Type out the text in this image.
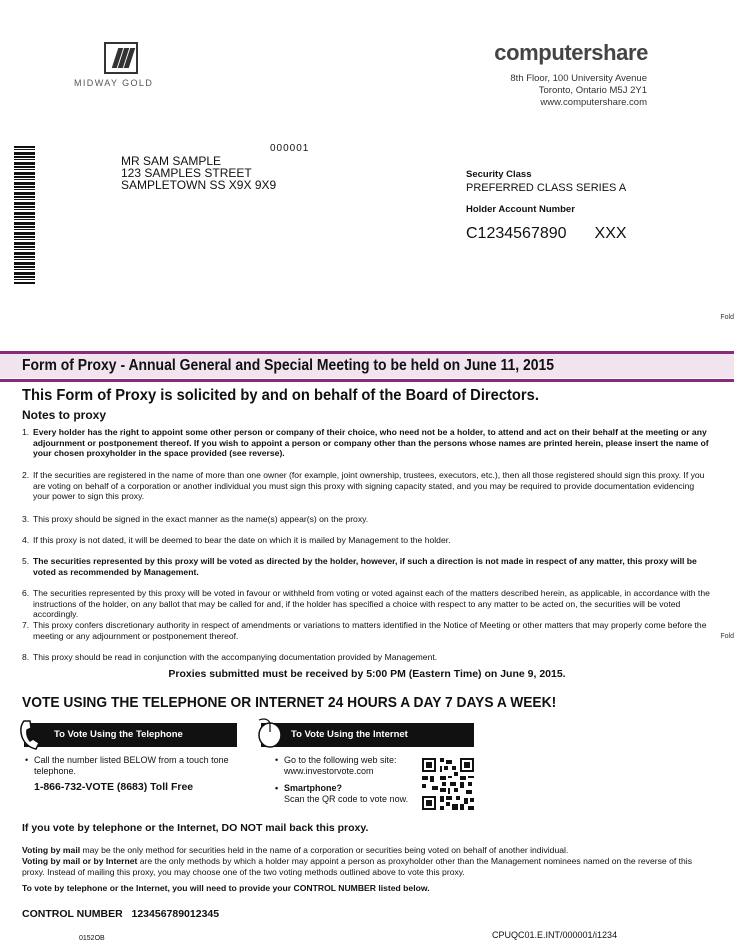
MIDWAY GOLD
computershare
8th Floor, 100 University Avenue
Toronto, Ontario M5J 2Y1
www.computershare.com
000001
MR SAM SAMPLE
123 SAMPLES STREET
SAMPLETOWN SS X9X 9X9
Security Class
PREFERRED CLASS SERIES A
Holder Account Number
C1234567890 XXX
Fold
Fold
Form of Proxy - Annual General and Special Meeting to be held on June 11, 2015
This Form of Proxy is solicited by and on behalf of the Board of Directors.
Notes to proxy
1. Every holder has the right to appoint some other person or company of their choice, who need not be a holder, to attend and act on their behalf at the meeting or any adjournment or postponement thereof. If you wish to appoint a person or company other than the persons whose names are printed herein, please insert the name of your chosen proxyholder in the space provided (see reverse).
2. If the securities are registered in the name of more than one owner (for example, joint ownership, trustees, executors, etc.), then all those registered should sign this proxy. If you are voting on behalf of a corporation or another individual you must sign this proxy with signing capacity stated, and you may be required to provide documentation evidencing your power to sign this proxy.
3. This proxy should be signed in the exact manner as the name(s) appear(s) on the proxy.
4. If this proxy is not dated, it will be deemed to bear the date on which it is mailed by Management to the holder.
5. The securities represented by this proxy will be voted as directed by the holder, however, if such a direction is not made in respect of any matter, this proxy will be voted as recommended by Management.
6. The securities represented by this proxy will be voted in favour or withheld from voting or voted against each of the matters described herein, as applicable, in accordance with the instructions of the holder, on any ballot that may be called for and, if the holder has specified a choice with respect to any matter to be acted on, the securities will be voted accordingly.
7. This proxy confers discretionary authority in respect of amendments or variations to matters identified in the Notice of Meeting or other matters that may properly come before the meeting or any adjournment or postponement thereof.
8. This proxy should be read in conjunction with the accompanying documentation provided by Management.
Proxies submitted must be received by 5:00 PM (Eastern Time) on June 9, 2015.
VOTE USING THE TELEPHONE OR INTERNET 24 HOURS A DAY 7 DAYS A WEEK!
To Vote Using the Telephone	To Vote Using the Internet
• Call the number listed BELOW from a touch tone telephone.
1-866-732-VOTE (8683) Toll Free
• Go to the following web site:
www.investorvote.com
• Smartphone?
Scan the QR code to vote now.
If you vote by telephone or the Internet, DO NOT mail back this proxy.
Voting by mail may be the only method for securities held in the name of a corporation or securities being voted on behalf of another individual.
Voting by mail or by Internet are the only methods by which a holder may appoint a person as proxyholder other than the Management nominees named on the reverse of this proxy. Instead of mailing this proxy, you may choose one of the two voting methods outlined above to vote this proxy.
To vote by telephone or the Internet, you will need to provide your CONTROL NUMBER listed below.
CONTROL NUMBER 123456789012345
0152OB	CPUQC01.E.INT/000001/i1234
